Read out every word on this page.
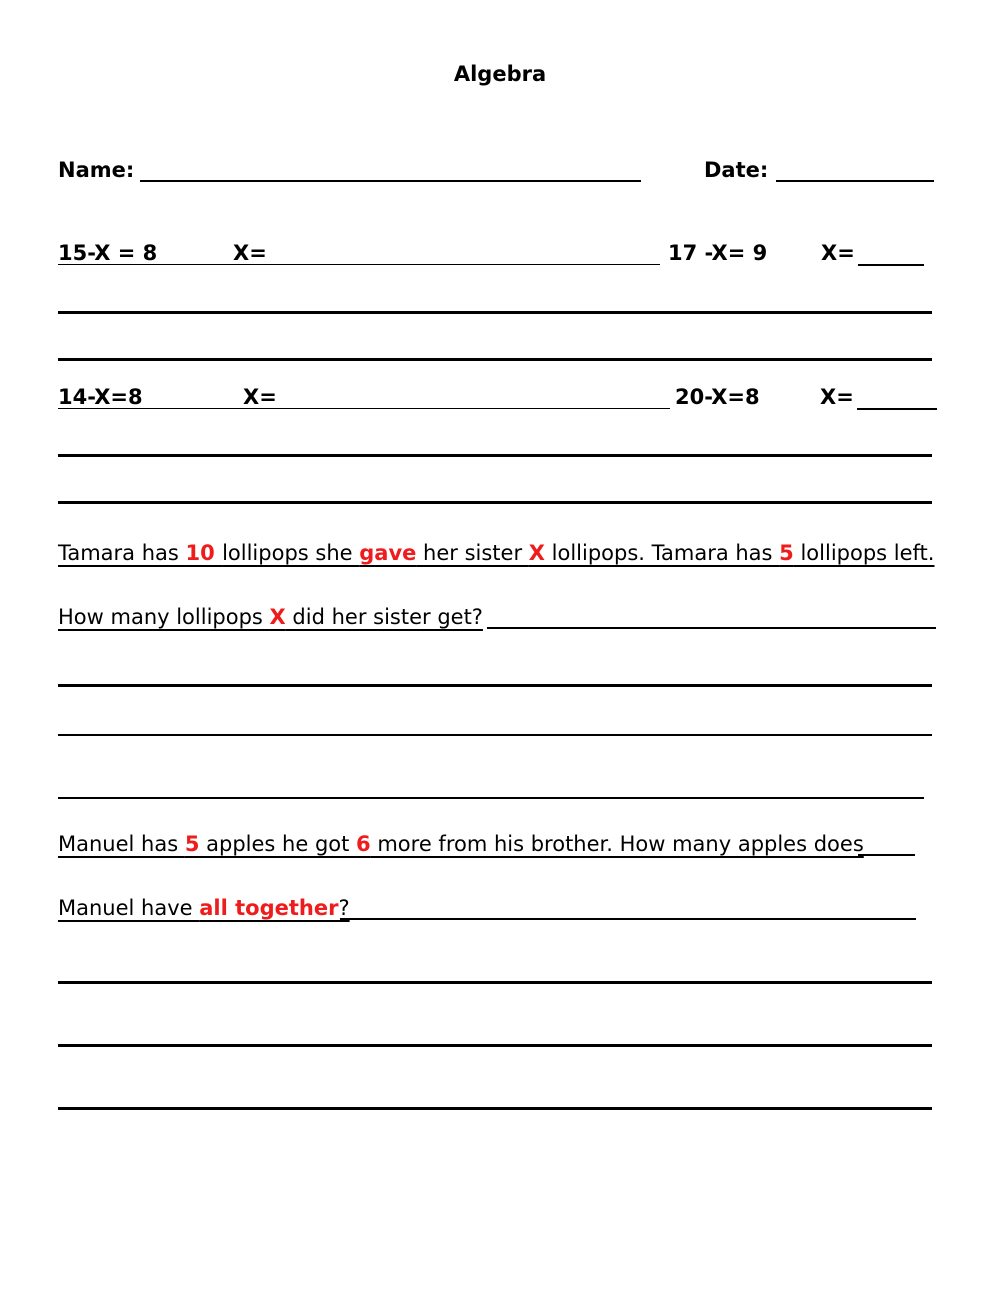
Algebra
Name:	Date:
15-X = 8	X=	17 -X= 9	X=
14-X=8	X=	20-X=8	X=
Tamara has 10 lollipops she gave her sister X lollipops. Tamara has 5 lollipops left.
How many lollipops X did her sister get?
Manuel has 5 apples he got 6 more from his brother. How many apples does
Manuel have all together?
